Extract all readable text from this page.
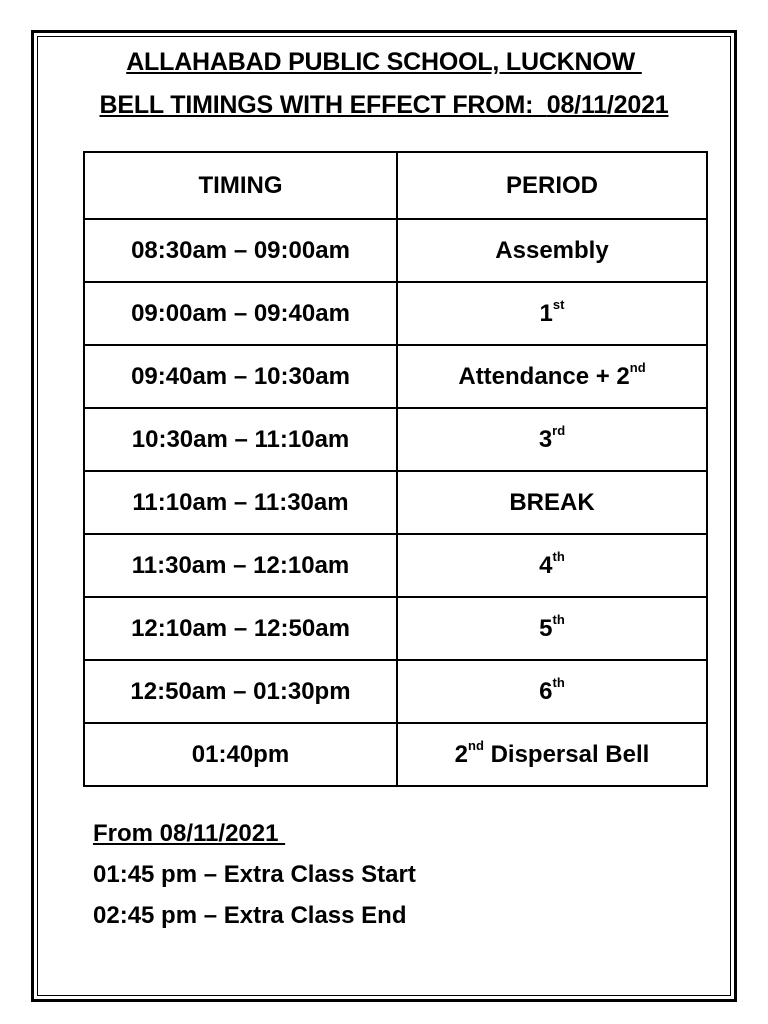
ALLAHABAD PUBLIC SCHOOL, LUCKNOW
BELL TIMINGS WITH EFFECT FROM:  08/11/2021
TIMING	PERIOD
08:30am – 09:00am	Assembly
09:00am – 09:40am	1st
09:40am – 10:30am	Attendance + 2nd
10:30am – 11:10am	3rd
11:10am – 11:30am	BREAK
11:30am – 12:10am	4th
12:10am – 12:50am	5th
12:50am – 01:30pm	6th
01:40pm	2nd Dispersal Bell
From 08/11/2021
01:45 pm – Extra Class Start
02:45 pm – Extra Class End
